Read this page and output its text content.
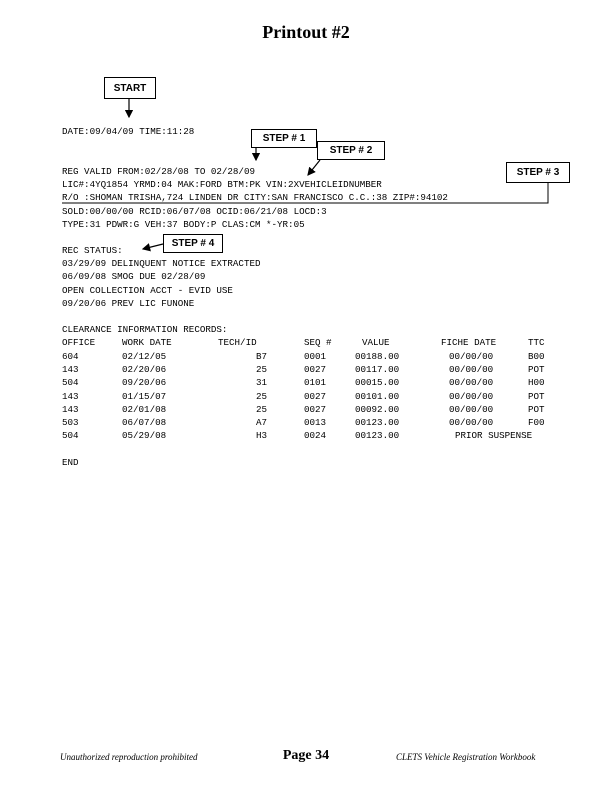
Printout #2
START
STEP # 1
STEP # 2
STEP # 3
STEP # 4
DATE:09/04/09 TIME:11:28
REG VALID FROM:02/28/08 TO 02/28/09
LIC#:4YQ1854 YRMD:04 MAK:FORD BTM:PK VIN:2XVEHICLEIDNUMBER
R/O :SHOMAN TRISHA,724 LINDEN DR CITY:SAN FRANCISCO C.C.:38 ZIP#:94102
SOLD:00/00/00 RCID:06/07/08 OCID:06/21/08 LOCD:3
TYPE:31 PDWR:G VEH:37 BODY:P CLAS:CM *-YR:05
REC STATUS:
03/29/09 DELINQUENT NOTICE EXTRACTED
06/09/08 SMOG DUE 02/28/09
OPEN COLLECTION ACCT - EVID USE
09/20/06 PREV LIC FUNONE
CLEARANCE INFORMATION RECORDS:
OFFICE	WORK DATE	TECH/ID	SEQ #	VALUE	FICHE DATE	TTC
604	02/12/05	B7	0001	00188.00	00/00/00	B00
143	02/20/06	25	0027	00117.00	00/00/00	POT
504	09/20/06	31	0101	00015.00	00/00/00	H00
143	01/15/07	25	0027	00101.00	00/00/00	POT
143	02/01/08	25	0027	00092.00	00/00/00	POT
503	06/07/08	A7	0013	00123.00	00/00/00	F00
504	05/29/08	H3	0024	00123.00	PRIOR SUSPENSE
END
Unauthorized reproduction prohibited	Page 34	CLETS Vehicle Registration Workbook
